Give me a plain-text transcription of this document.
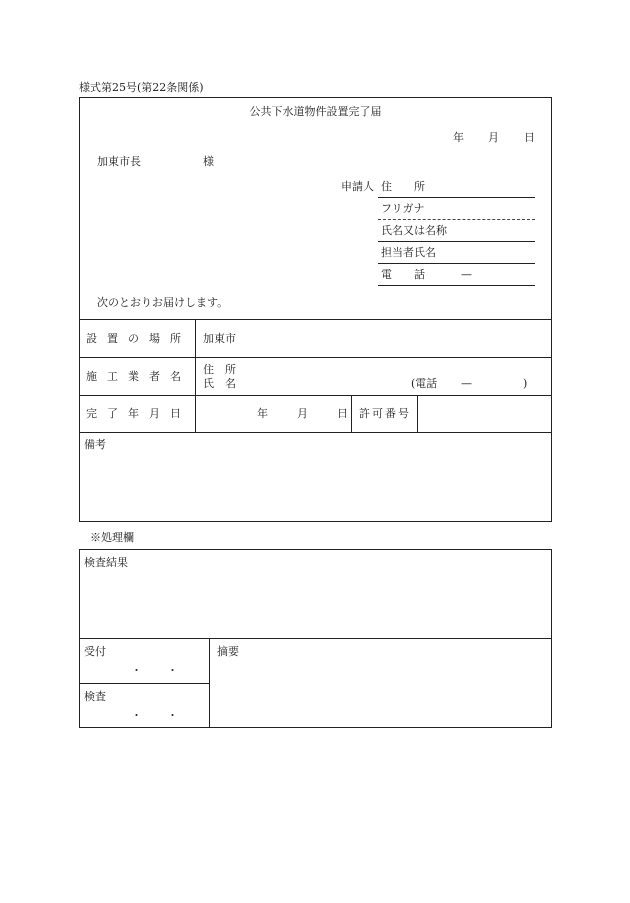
様式第25号(第22条関係)
公共下水道物件設置完了届
年 月 日
加東市長	様
申請人 住　　所
フリガナ
氏名又は名称
担当者氏名
電　　話	—
次のとおりお届けします。
設置の場所 加東市
施工業者名
住　所
氏　名	(電話 —	)
完了年月日	年	月	日 許可番号
備考
※処理欄
検査結果
受付
・ ・
検査
・ ・
摘要
